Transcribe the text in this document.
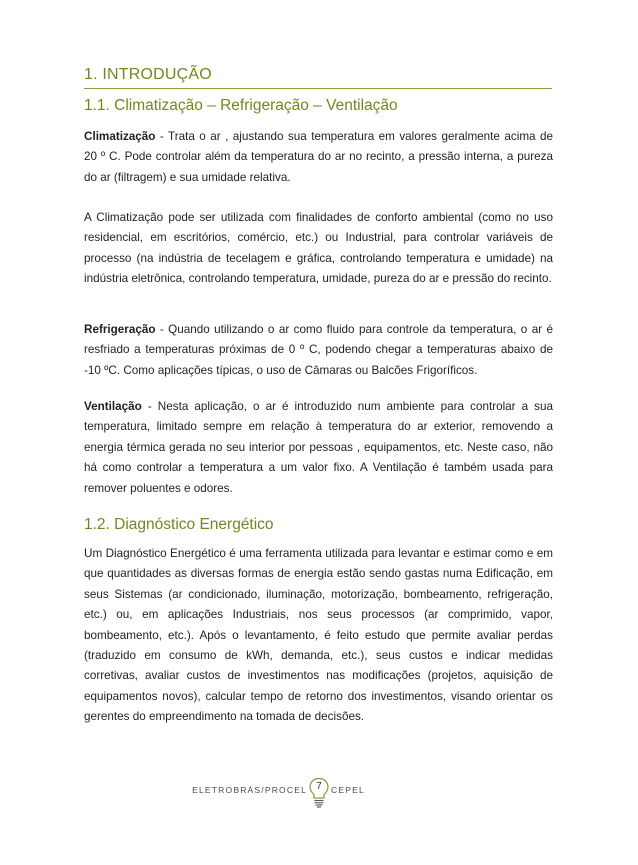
1. INTRODUÇÃO
1.1. Climatização – Refrigeração – Ventilação
Climatização - Trata o ar , ajustando sua temperatura em valores geralmente acima de 20 º C. Pode controlar além da temperatura do ar no recinto, a pressão interna, a pureza do ar (filtragem) e sua umidade relativa.
A Climatização pode ser utilizada com finalidades de conforto ambiental (como no uso residencial, em escritórios, comércio, etc.) ou Industrial, para controlar variáveis de processo (na indústria de tecelagem e gráfica, controlando temperatura e umidade) na indústria eletrônica, controlando temperatura, umidade, pureza do ar e pressão do recinto.
Refrigeração - Quando utilizando o ar como fluido para controle da temperatura, o ar é resfriado a temperaturas próximas de 0 º C, podendo chegar a temperaturas abaixo de -10 ºC. Como aplicações típicas, o uso de Câmaras ou Balcões Frigoríficos.
Ventilação - Nesta aplicação, o ar é introduzido num ambiente para controlar a sua temperatura, limitado sempre em relação à temperatura do ar exterior, removendo a energia térmica gerada no seu interior por pessoas , equipamentos, etc. Neste caso, não há como controlar a temperatura a um valor fixo. A Ventilação é também usada para remover poluentes e odores.
1.2. Diagnóstico Energético
Um Diagnóstico Energético é uma ferramenta utilizada para levantar e estimar como e em que quantidades as diversas formas de energia estão sendo gastas numa Edificação, em seus Sistemas (ar condicionado, iluminação, motorização, bombeamento, refrigeração, etc.) ou, em aplicações Industriais, nos seus processos (ar comprimido, vapor, bombeamento, etc.). Após o levantamento, é feito estudo que permite avaliar perdas (traduzido em consumo de kWh, demanda, etc.), seus custos e indicar medidas corretivas, avaliar custos de investimentos nas modificações (projetos, aquisição de equipamentos novos), calcular tempo de retorno dos investimentos, visando orientar os gerentes do empreendimento na tomada de decisões.
ELETROBRÁS/PROCEL 7	CEPEL
